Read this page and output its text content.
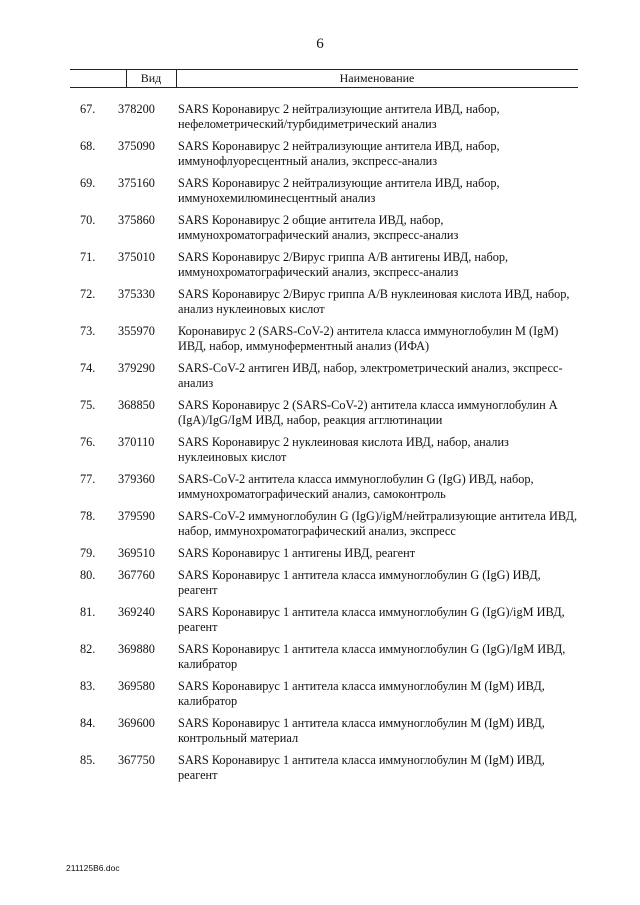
6
Вид	Наименование
67. 378200 SARS Коронавирус 2 нейтрализующие антитела ИВД, набор, нефелометрический/турбидиметрический анализ
68. 375090 SARS Коронавирус 2 нейтрализующие антитела ИВД, набор, иммунофлуоресцентный анализ, экспресс-анализ
69. 375160 SARS Коронавирус 2 нейтрализующие антитела ИВД, набор, иммунохемилюминесцентный анализ
70. 375860 SARS Коронавирус 2 общие антитела ИВД, набор, иммунохроматографический анализ, экспресс-анализ
71. 375010 SARS Коронавирус 2/Вирус гриппа A/B антигены ИВД, набор, иммунохроматографический анализ, экспресс-анализ
72. 375330 SARS Коронавирус 2/Вирус гриппа A/B нуклеиновая кислота ИВД, набор, анализ нуклеиновых кислот
73. 355970 Коронавирус 2 (SARS-CoV-2) антитела класса иммуноглобулин M (IgM) ИВД, набор, иммуноферментный анализ (ИФА)
74. 379290 SARS-CoV-2 антиген ИВД, набор, электрометрический анализ, экспресс-анализ
75. 368850 SARS Коронавирус 2 (SARS-CoV-2) антитела класса иммуноглобулин A (IgA)/IgG/IgM ИВД, набор, реакция агглютинации
76. 370110 SARS Коронавирус 2 нуклеиновая кислота ИВД, набор, анализ нуклеиновых кислот
77. 379360 SARS-CoV-2 антитела класса иммуноглобулин G (IgG) ИВД, набор, иммунохроматографический анализ, самоконтроль
78. 379590 SARS-CoV-2 иммуноглобулин G (IgG)/igM/нейтрализующие антитела ИВД, набор, иммунохроматографический анализ, экспресс
79. 369510 SARS Коронавирус 1 антигены ИВД, реагент
80. 367760 SARS Коронавирус 1 антитела класса иммуноглобулин G (IgG) ИВД, реагент
81. 369240 SARS Коронавирус 1 антитела класса иммуноглобулин G (IgG)/igM ИВД, реагент
82. 369880 SARS Коронавирус 1 антитела класса иммуноглобулин G (IgG)/IgM ИВД, калибратор
83. 369580 SARS Коронавирус 1 антитела класса иммуноглобулин M (IgM) ИВД, калибратор
84. 369600 SARS Коронавирус 1 антитела класса иммуноглобулин M (IgM) ИВД, контрольный материал
85. 367750 SARS Коронавирус 1 антитела класса иммуноглобулин M (IgM) ИВД, реагент
211125B6.doc
